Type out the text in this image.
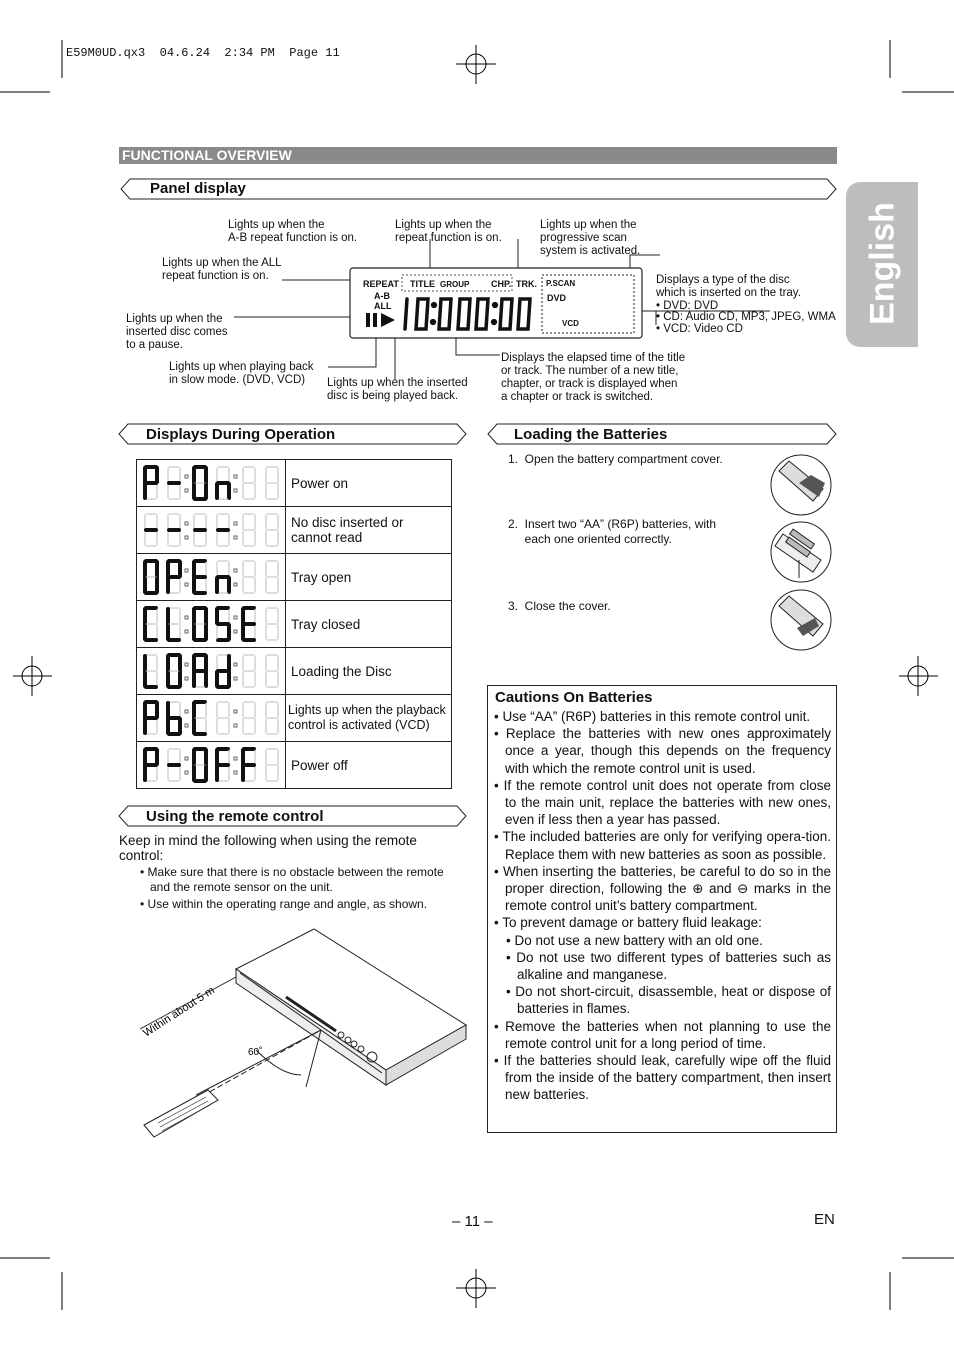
E59M0UD.qx3  04.6.24  2:34 PM  Page 11
English
FUNCTIONAL OVERVIEW
Panel display
Lights up when the
A-B repeat function is on.
Lights up when the
repeat function is on.
Lights up when the
progressive scan
system is activated.
Lights up when the ALL
repeat function is on.
Lights up when the
inserted disc comes
to a pause.
Lights up when playing back
in slow mode. (DVD, VCD)	Lights up when the inserted
disc is being played back.
Displays the elapsed time of the title
or track. The number of a new title,
chapter, or track is displayed when
a chapter or track is switched.
Displays a type of the disc
which is inserted on the tray.
• DVD: DVD
• CD: Audio CD, MP3, JPEG, WMA
• VCD: Video CD
REPEAT TITLE GROUP CHP. TRK. P.SCAN
A-B
ALL
DVD
VCD
Displays During Operation
	Power on

	No disc inserted or
cannot read

	Tray open

	Tray closed

	Loading the Disc

	Lights up when the playback
control is activated (VCD)

	Power off
Using the remote control
Keep in mind the following when using the remote control:
• Make sure that there is no obstacle between the remote and the remote sensor on the unit.
• Use within the operating range and angle, as shown.
Within about 5 m
60˚
Loading the Batteries
1.  Open the battery compartment cover.
2.  Insert two “AA” (R6P) batteries, with
each one oriented correctly.
3.  Close the cover.
Cautions On Batteries
• Use “AA” (R6P) batteries in this remote control unit.
• Replace the batteries with new ones approximately once a year, though this depends on the frequency with which the remote control unit is used.
• If the remote control unit does not operate from close to the main unit, replace the batteries with new ones, even if less then a year has passed.
• The included batteries are only for verifying opera-tion. Replace them with new batteries as soon as possible.
• When inserting the batteries, be careful to do so in the proper direction, following the ⊕ and ⊖ marks in the remote control unit’s battery compartment.
• To prevent damage or battery fluid leakage:
• Do not use a new battery with an old one.
• Do not use two different types of batteries such as alkaline and manganese.
• Do not short-circuit, disassemble, heat or dispose of batteries in flames.
• Remove the batteries when not planning to use the remote control unit for a long period of time.
• If the batteries should leak, carefully wipe off the fluid from the inside of the battery compartment, then insert new batteries.
– 11 –	EN
